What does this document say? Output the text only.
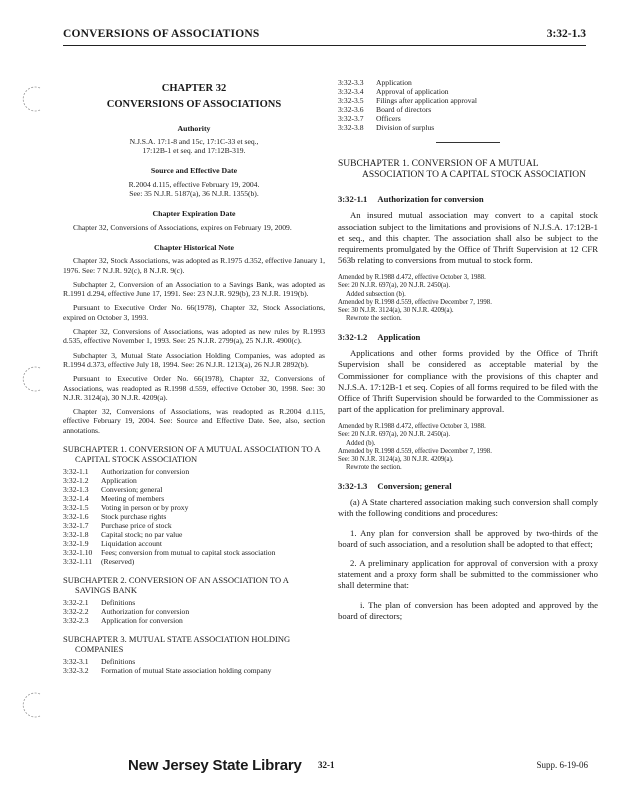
CONVERSIONS OF ASSOCIATIONS	3:32-1.3
CHAPTER 32
CONVERSIONS OF ASSOCIATIONS
Authority
N.J.S.A. 17:1-8 and 15c, 17:1C-33 et seq.,
17:12B-1 et seq. and 17:12B-319.
Source and Effective Date
R.2004 d.115, effective February 19, 2004.
See: 35 N.J.R. 5187(a), 36 N.J.R. 1355(b).
Chapter Expiration Date

Chapter 32, Conversions of Associations, expires on February 19, 2009.

Chapter Historical Note

Chapter 32, Stock Associations, was adopted as R.1975 d.352, effective January 1, 1976. See: 7 N.J.R. 92(c), 8 N.J.R. 9(c).

Subchapter 2, Conversion of an Association to a Savings Bank, was adopted as R.1991 d.294, effective June 17, 1991. See: 23 N.J.R. 929(b), 23 N.J.R. 1919(b).

Pursuant to Executive Order No. 66(1978), Chapter 32, Stock Associations, expired on October 3, 1993.

Chapter 32, Conversions of Associations, was adopted as new rules by R.1993 d.535, effective November 1, 1993. See: 25 N.J.R. 2799(a), 25 N.J.R. 4900(c).

Subchapter 3, Mutual State Association Holding Companies, was adopted as R.1994 d.373, effective July 18, 1994. See: 26 N.J.R. 1213(a), 26 N.J.R 2892(b).

Pursuant to Executive Order No. 66(1978), Chapter 32, Conversions of Associations, was readopted as R.1998 d.559, effective October 30, 1998. See: 30 N.J.R. 3124(a), 30 N.J.R. 4209(a).

Chapter 32, Conversions of Associations, was readopted as R.2004 d.115, effective February 19, 2004. See: Source and Effective Date. See, also, section annotations.

SUBCHAPTER 1. CONVERSION OF A MUTUAL ASSOCIATION TO A CAPITAL STOCK ASSOCIATION
3:32-1.1	Authorization for conversion
3:32-1.2	Application
3:32-1.3	Conversion; general
3:32-1.4	Meeting of members
3:32-1.5	Voting in person or by proxy
3:32-1.6	Stock purchase rights
3:32-1.7	Purchase price of stock
3:32-1.8	Capital stock; no par value
3:32-1.9	Liquidation account
3:32-1.10	Fees; conversion from mutual to capital stock association
3:32-1.11	(Reserved)
SUBCHAPTER 2. CONVERSION OF AN ASSOCIATION TO A SAVINGS BANK
3:32-2.1	Definitions
3:32-2.2	Authorization for conversion
3:32-2.3	Application for conversion
SUBCHAPTER 3. MUTUAL STATE ASSOCIATION HOLDING COMPANIES
3:32-3.1	Definitions
3:32-3.2	Formation of mutual State association holding company
3:32-3.3	Application
3:32-3.4	Approval of application
3:32-3.5	Filings after application approval
3:32-3.6	Board of directors
3:32-3.7	Officers
3:32-3.8	Division of surplus
SUBCHAPTER 1. CONVERSION OF A MUTUAL ASSOCIATION TO A CAPITAL STOCK ASSOCIATION
3:32-1.1 Authorization for conversion

An insured mutual association may convert to a capital stock association subject to the limitations and provisions of N.J.S.A. 17:12B-1 et seq., and this chapter. The association shall also be subject to the requirements promulgated by the Office of Thrift Supervision at 12 CFR 563b relating to conversions from mutual to stock form.

Amended by R.1988 d.472, effective October 3, 1988.
See: 20 N.J.R. 697(a), 20 N.J.R. 2450(a).
Added subsection (b).
Amended by R.1998 d.559, effective December 7, 1998.
See: 30 N.J.R. 3124(a), 30 N.J.R. 4209(a).
Rewrote the section.
3:32-1.2 Application

Applications and other forms provided by the Office of Thrift Supervision shall be considered as acceptable material by the Commissioner for compliance with the provisions of this chapter and N.J.S.A. 17:12B-1 et seq. Copies of all forms required to be filed with the Office of Thrift Supervision should be forwarded to the Commissioner as part of the application for preliminary approval.

Amended by R.1988 d.472, effective October 3, 1988.
See: 20 N.J.R. 697(a), 20 N.J.R. 2450(a).
Added (b).
Amended by R.1998 d.559, effective December 7, 1998.
See: 30 N.J.R. 3124(a), 30 N.J.R. 4209(a).
Rewrote the section.
3:32-1.3 Conversion; general

(a) A State chartered association making such conversion shall comply with the following conditions and procedures:

1. Any plan for conversion shall be approved by two-thirds of the board of such association, and a resolution shall be adopted to that effect;

2. A preliminary application for approval of conversion with a proxy statement and a proxy form shall be submitted to the commissioner who shall determine that:

i. The plan of conversion has been adopted and approved by the board of directors;

New Jersey State Library 32-1	Supp. 6-19-06
